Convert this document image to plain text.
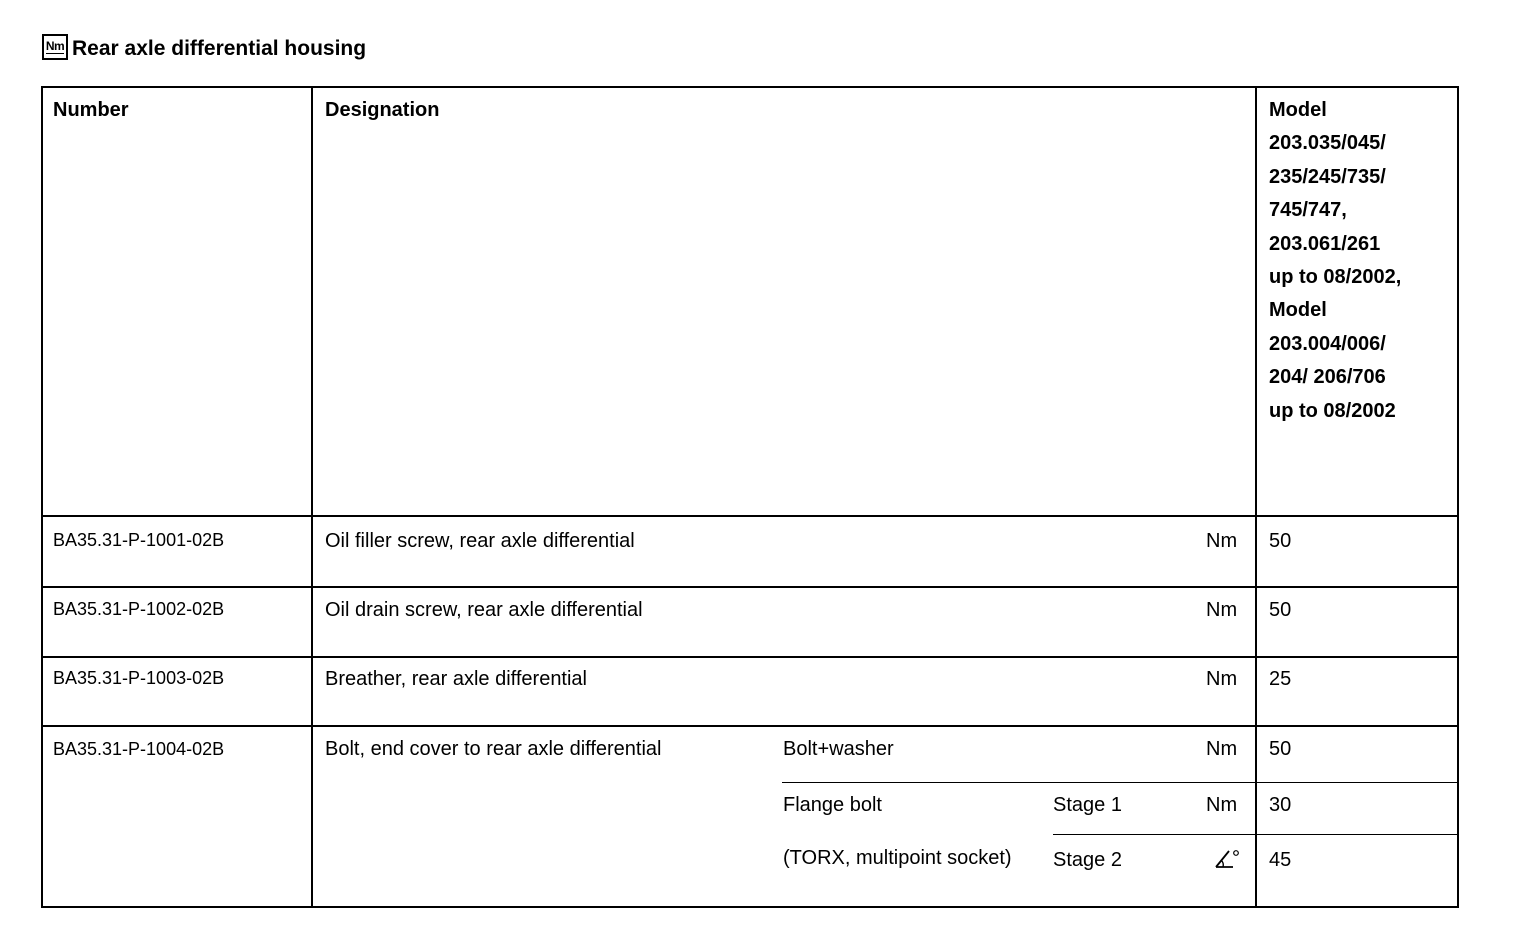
Nm Rear axle differential housing
Number	Designation	Model
203.035/045/
235/245/735/
745/747,
203.061/261
up to 08/2002,
Model
203.004/006/
204/ 206/706
up to 08/2002
BA35.31-P-1001-02B	Oil filler screw, rear axle differential	Nm 50
BA35.31-P-1002-02B	Oil drain screw, rear axle differential	Nm 50
BA35.31-P-1003-02B	Breather, rear axle differential	Nm 25
BA35.31-P-1004-02B	Bolt, end cover to rear axle differential	Bolt+washer	Nm 50
Flange bolt	Stage 1	Nm 30
(TORX, multipoint socket) Stage 2	45
